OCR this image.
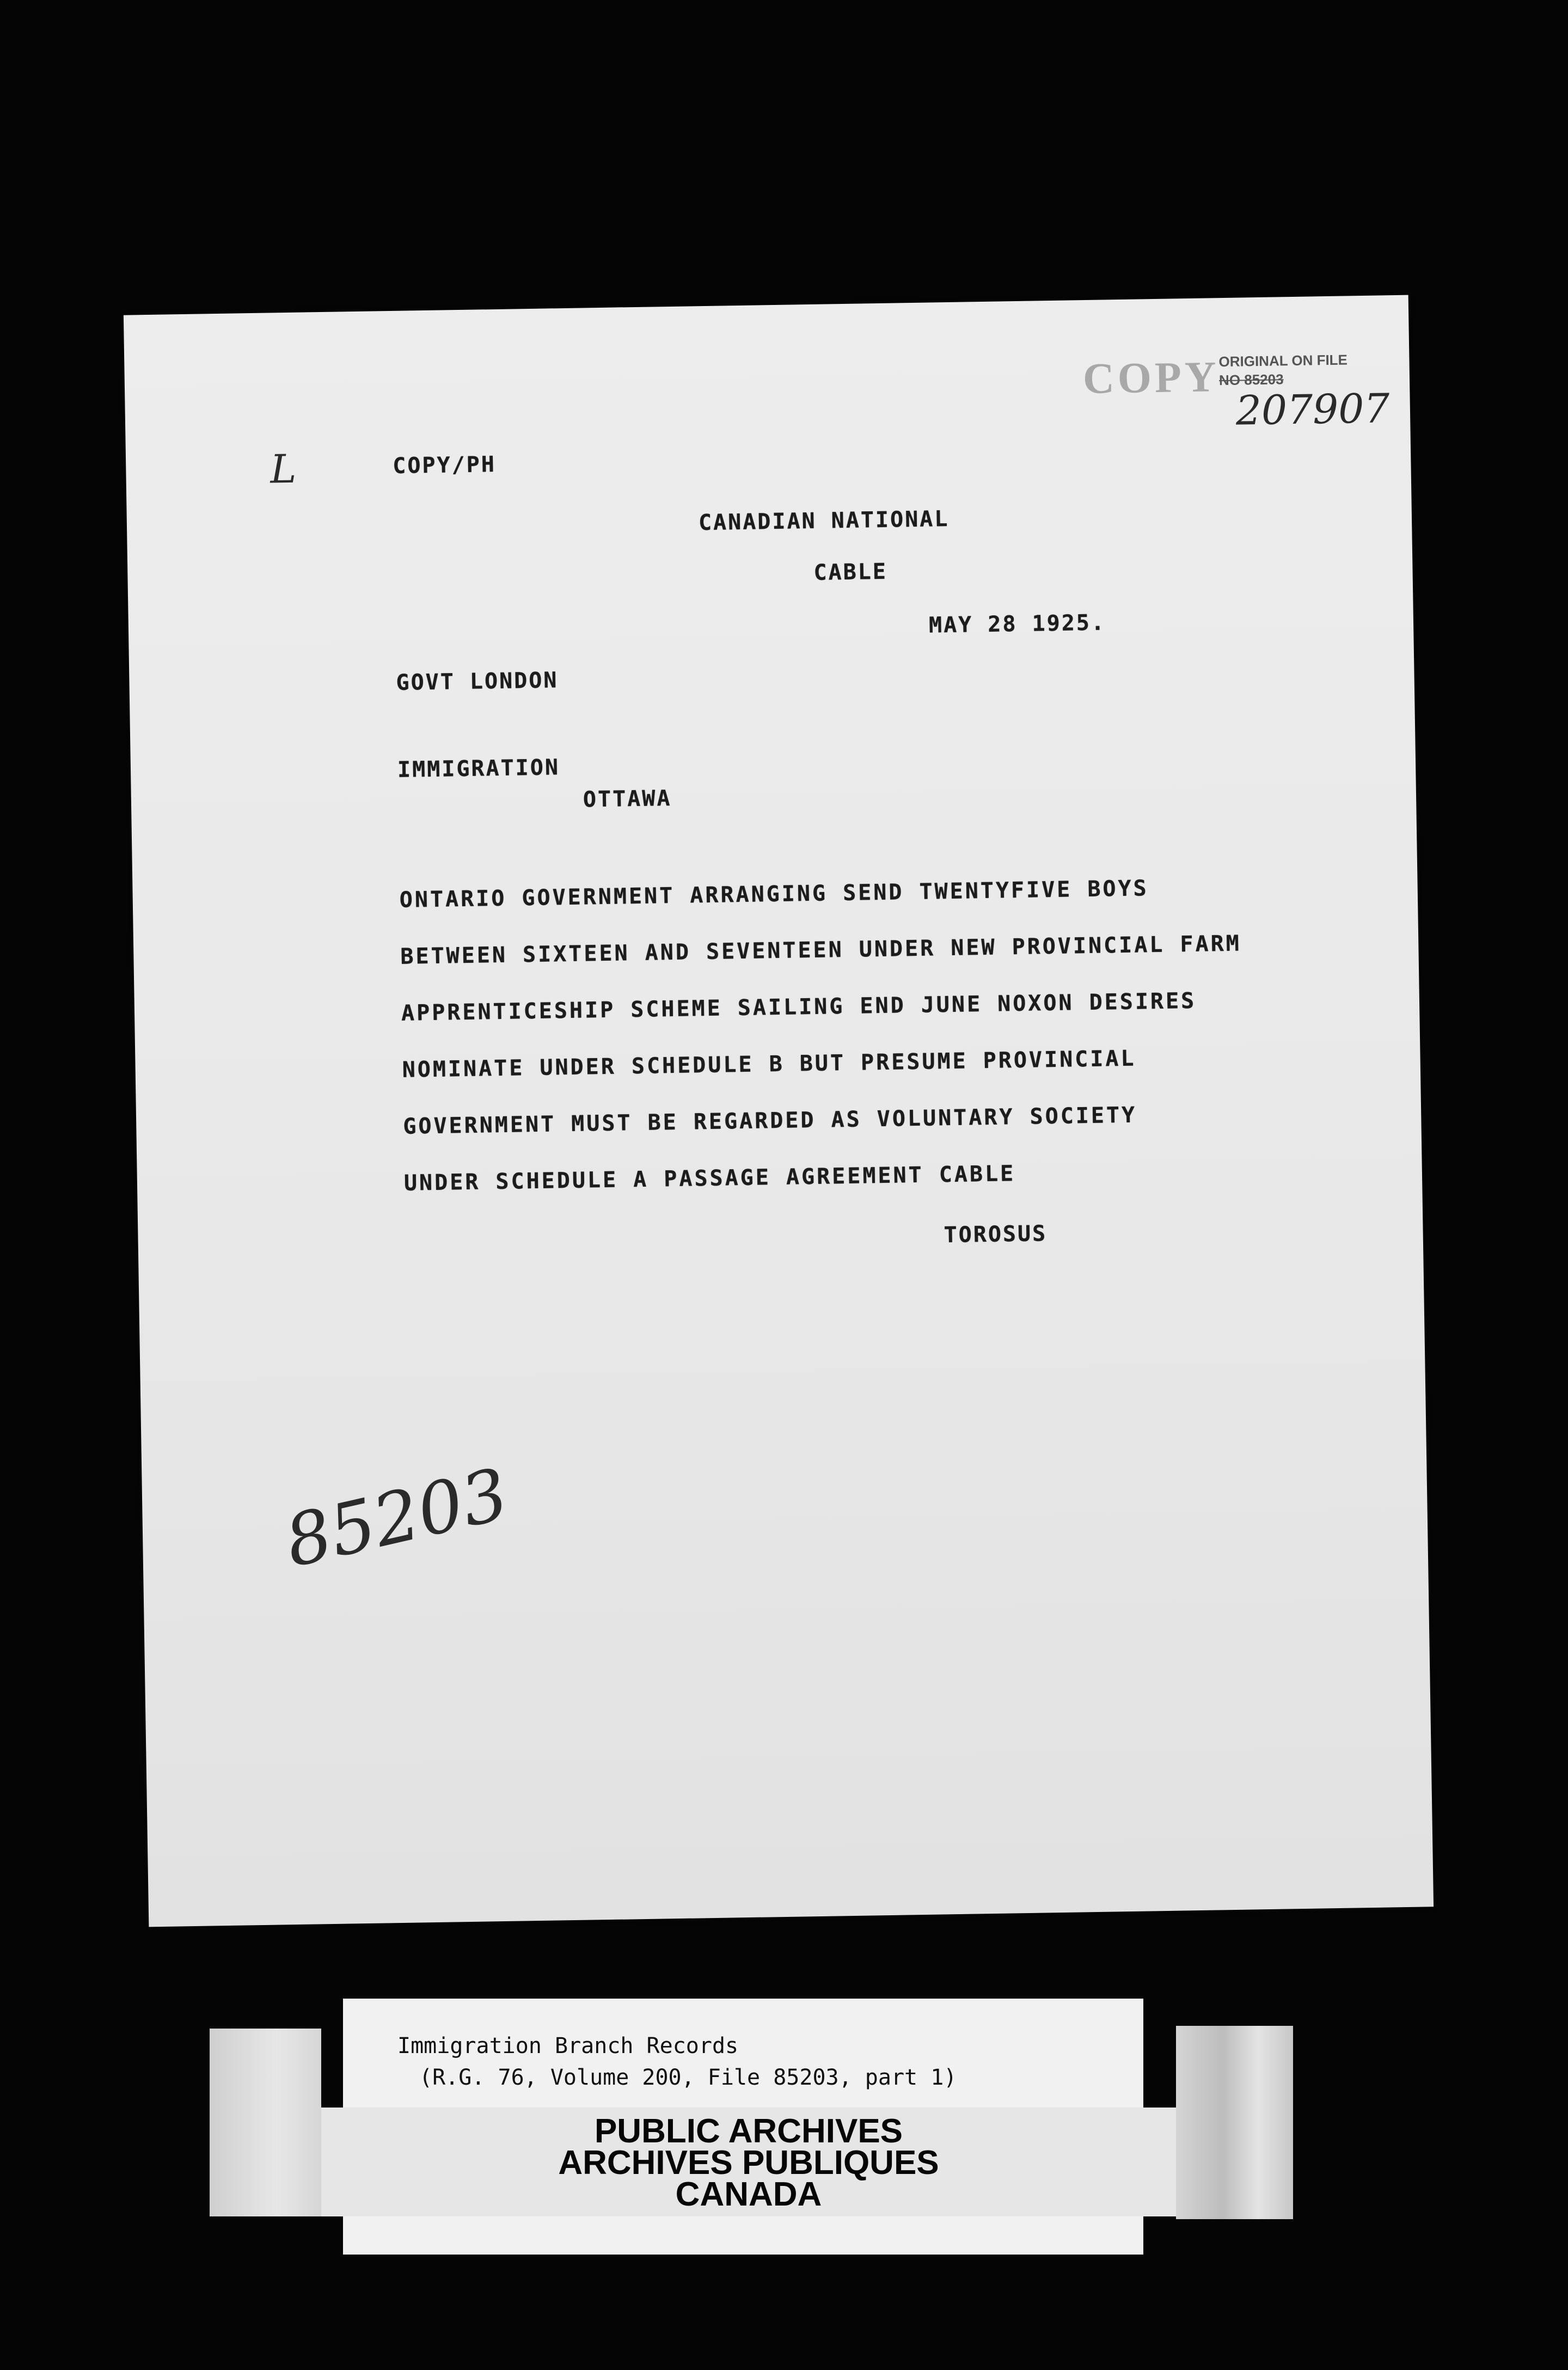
COPY
ORIGINAL ON FILE
NO 85203
207907
L	COPY/PH
CANADIAN NATIONAL
CABLE
MAY 28 1925.
GOVT LONDON
IMMIGRATION
OTTAWA
ONTARIO GOVERNMENT ARRANGING SEND TWENTYFIVE BOYS
BETWEEN SIXTEEN AND SEVENTEEN UNDER NEW PROVINCIAL FARM
APPRENTICESHIP SCHEME SAILING END JUNE NOXON DESIRES
NOMINATE UNDER SCHEDULE B BUT PRESUME PROVINCIAL
GOVERNMENT MUST BE REGARDED AS VOLUNTARY SOCIETY
UNDER SCHEDULE A PASSAGE AGREEMENT CABLE
TOROSUS
85203
Immigration Branch Records
(R.G. 76, Volume 200, File 85203, part 1)
PUBLIC ARCHIVES
ARCHIVES PUBLIQUES
CANADA
